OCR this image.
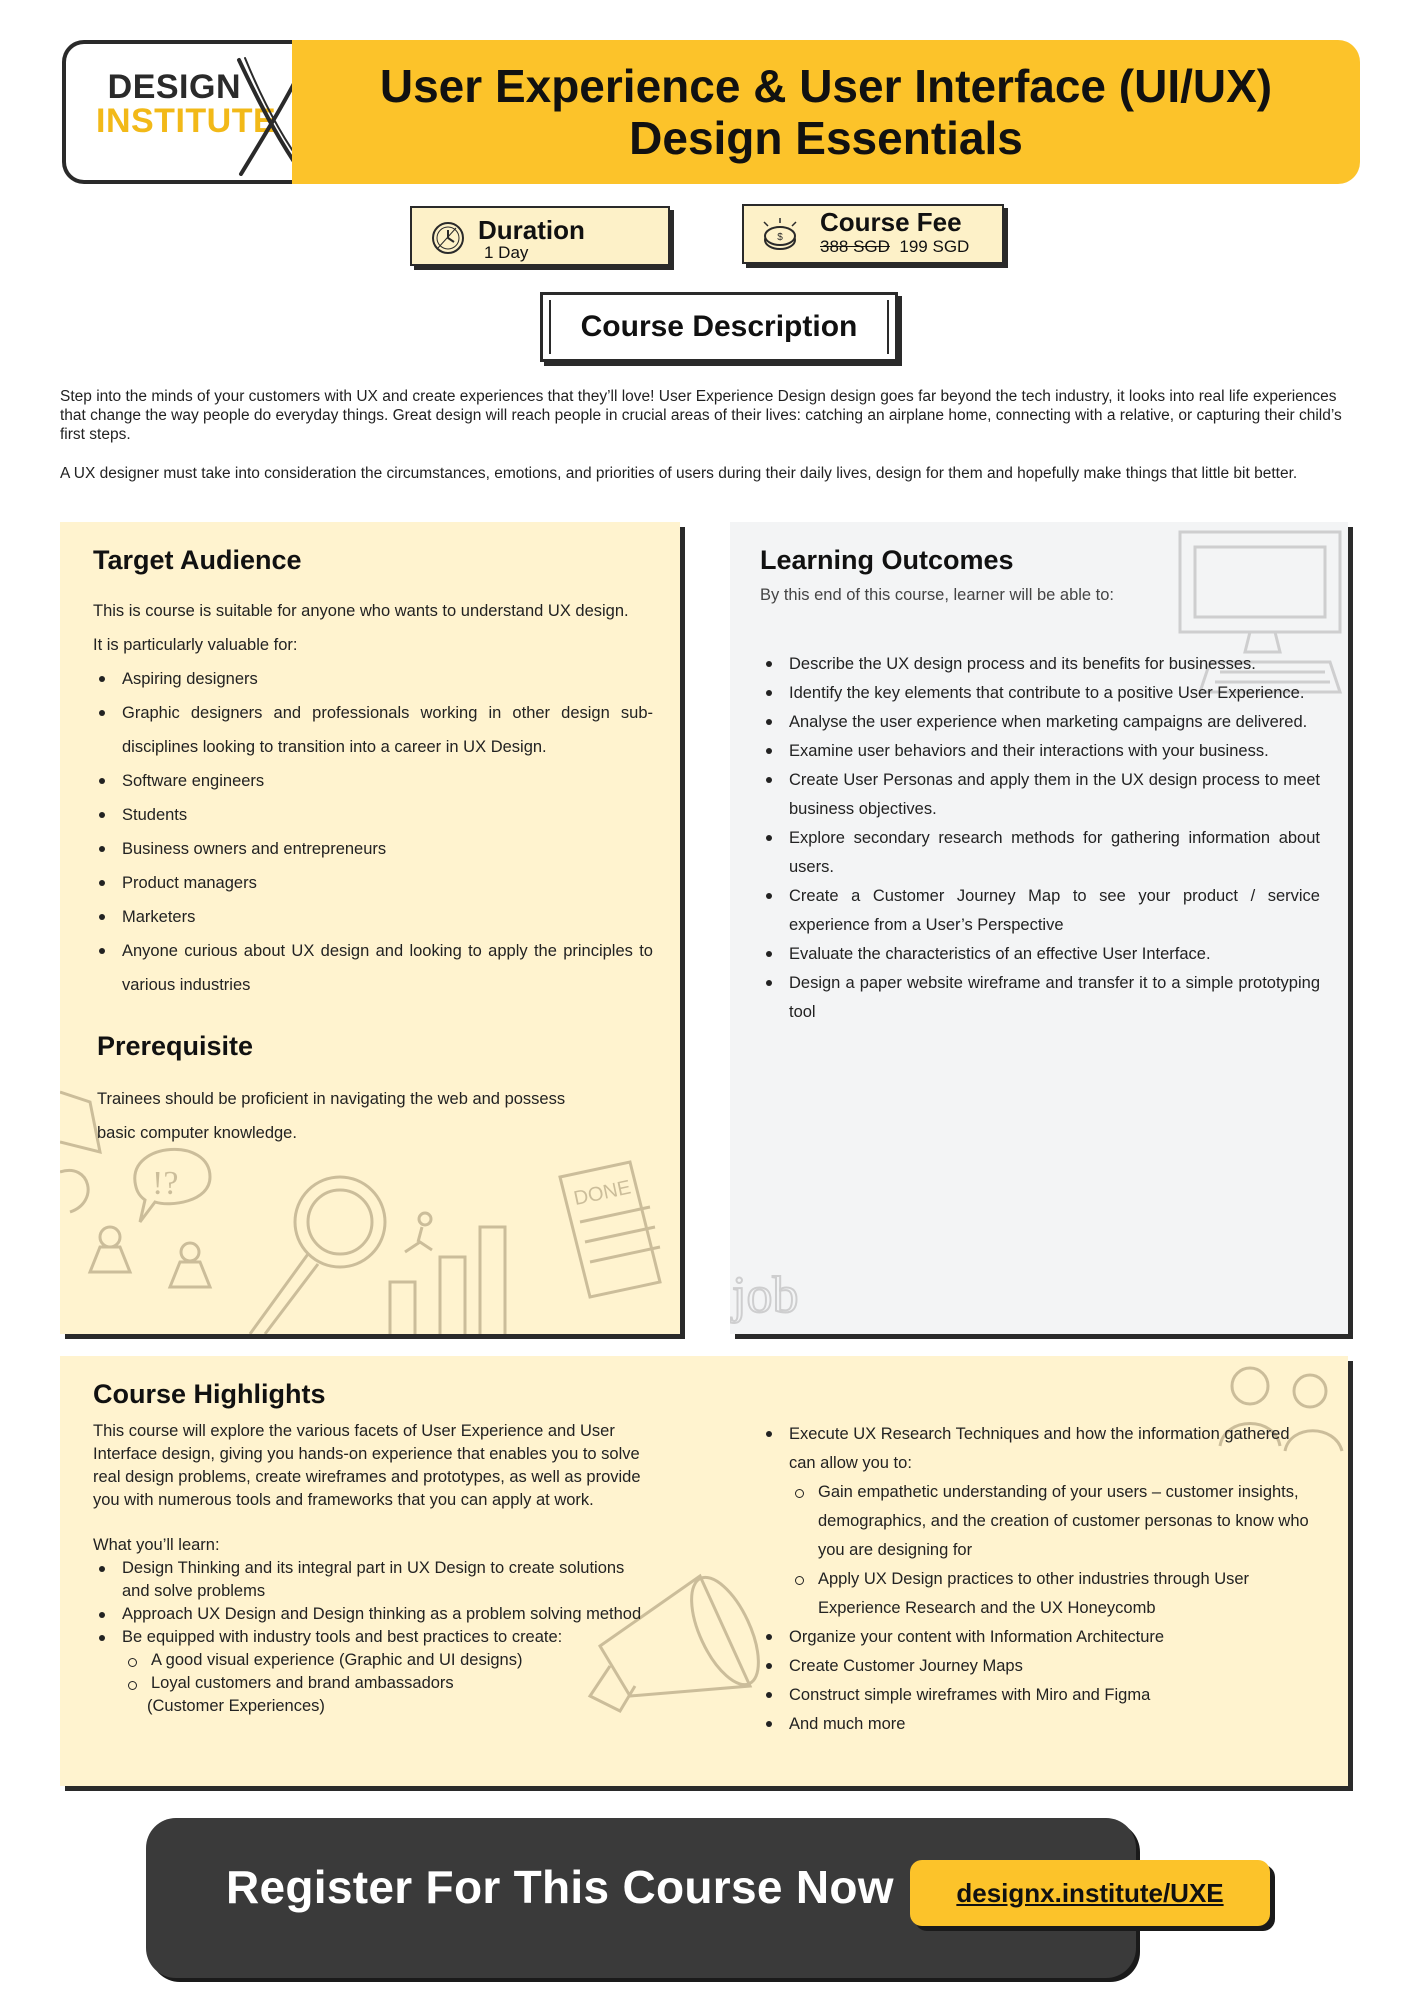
DESIGN
INSTITUTE
User Experience & User Interface (UI/UX)
Design Essentials
Duration
1 Day
$
Course Fee
388 SGD 199 SGD
Course Description

Step into the minds of your customers with UX and create experiences that they’ll love! User Experience Design design goes far beyond the tech industry, it looks into real life experiences that change the way people do everyday things. Great design will reach people in crucial areas of their lives: catching an airplane home, connecting with a relative, or capturing their child’s first steps.

A UX designer must take into consideration the circumstances, emotions, and priorities of users during their daily lives, design for them and hopefully make things that little bit better.

!?	DONE
Target Audience
This is course is suitable for anyone who wants to understand UX design.
It is particularly valuable for:
Aspiring designers
Graphic designers and professionals working in other design sub-disciplines looking to transition into a career in UX Design.
Software engineers
Students
Business owners and entrepreneurs
Product managers
Marketers
Anyone curious about UX design and looking to apply the principles to various industries
Prerequisite
Trainees should be proficient in navigating the web and possess
basic computer knowledge.
job
Learning Outcomes
By this end of this course, learner will be able to:
Describe the UX design process and its benefits for businesses.
Identify the key elements that contribute to a positive User Experience.
Analyse the user experience when marketing campaigns are delivered.
Examine user behaviors and their interactions with your business.
Create User Personas and apply them in the UX design process to meet business objectives.
Explore secondary research methods for gathering information about users.
Create a Customer Journey Map to see your product / service experience from a User’s Perspective
Evaluate the characteristics of an effective User Interface.
Design a paper website wireframe and transfer it to a simple prototyping tool
Course Highlights

This course will explore the various facets of User Experience and User Interface design, giving you hands-on experience that enables you to solve real design problems, create wireframes and prototypes, as well as provide you with numerous tools and frameworks that you can apply at work.

What you’ll learn:

Design Thinking and its integral part in UX Design to create solutions and solve problems
Approach UX Design and Design thinking as a problem solving method
Be equipped with industry tools and best practices to create:
A good visual experience (Graphic and UI designs)
Loyal customers and brand ambassadors
(Customer Experiences)
Execute UX Research Techniques and how the information gathered can allow you to:
Gain empathetic understanding of your users – customer insights, demographics, and the creation of customer personas to know who you are designing for
Apply UX Design practices to other industries through User Experience Research and the UX Honeycomb
Organize your content with Information Architecture
Create Customer Journey Maps
Construct simple wireframes with Miro and Figma
And much more
Register For This Course Now designx.institute/UXE
